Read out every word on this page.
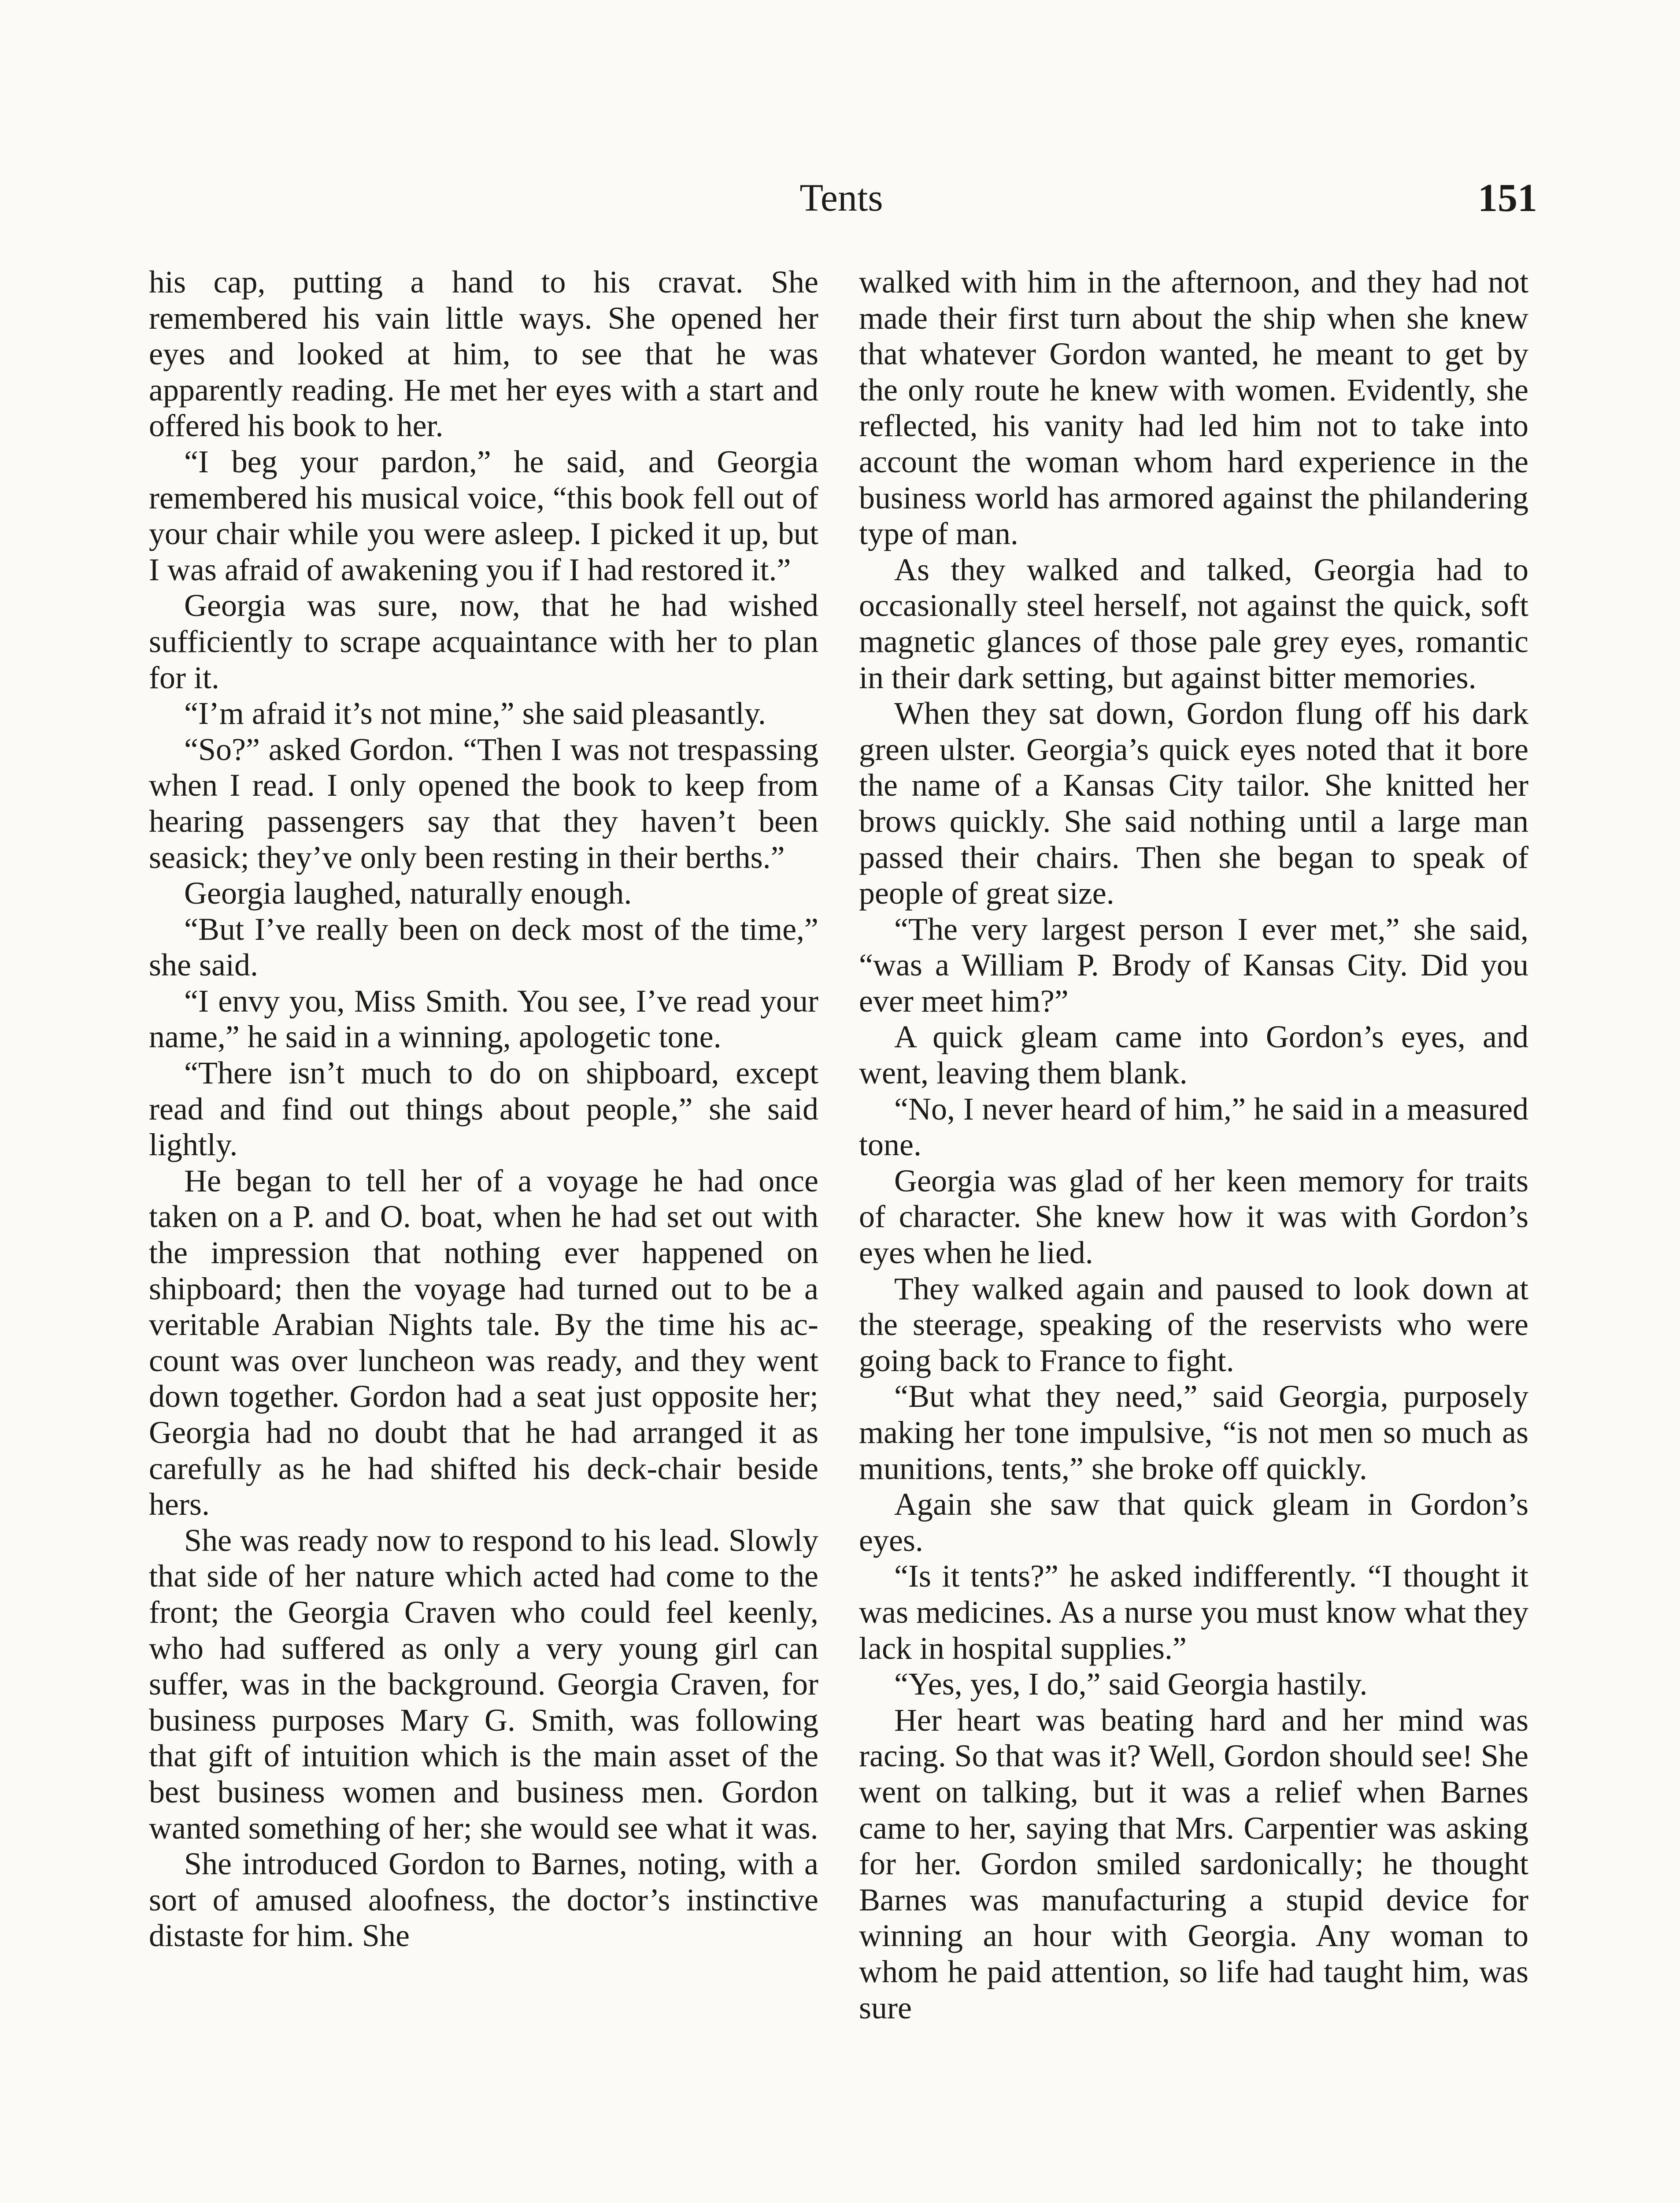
Tents	151

his cap, putting a hand to his cravat. She remembered his vain little ways. She opened her eyes and looked at him, to see that he was apparently reading. He met her eyes with a start and offered his book to her.

“I beg your pardon,” he said, and Georgia remembered his musical voice, “this book fell out of your chair while you were asleep. I picked it up, but I was afraid of awakening you if I had restored it.”

Georgia was sure, now, that he had wished sufficiently to scrape acquaintance with her to plan for it.

“I’m afraid it’s not mine,” she said pleasantly.

“So?” asked Gordon. “Then I was not trespassing when I read. I only opened the book to keep from hearing passengers say that they haven’t been seasick; they’ve only been resting in their berths.”

Georgia laughed, naturally enough.

“But I’ve really been on deck most of the time,” she said.

“I envy you, Miss Smith. You see, I’ve read your name,” he said in a winning, apologetic tone.

“There isn’t much to do on shipboard, except read and find out things about people,” she said lightly.

He began to tell her of a voyage he had once taken on a P. and O. boat, when he had set out with the impression that nothing ever happened on shipboard; then the voyage had turned out to be a veritable Arabian Nights tale. By the time his account was over luncheon was ready, and they went down together. Gordon had a seat just opposite her; Georgia had no doubt that he had arranged it as carefully as he had shifted his deck-chair beside hers.

She was ready now to respond to his lead. Slowly that side of her nature which acted had come to the front; the Georgia Craven who could feel keenly, who had suffered as only a very young girl can suffer, was in the background. Georgia Craven, for business purposes Mary G. Smith, was following that gift of intuition which is the main asset of the best business women and business men. Gordon wanted something of her; she would see what it was.

She introduced Gordon to Barnes, noting, with a sort of amused aloofness, the doctor’s instinctive distaste for him. She

walked with him in the afternoon, and they had not made their first turn about the ship when she knew that whatever Gordon wanted, he meant to get by the only route he knew with women. Evidently, she reflected, his vanity had led him not to take into account the woman whom hard experience in the business world has armored against the philandering type of man.

As they walked and talked, Georgia had to occasionally steel herself, not against the quick, soft magnetic glances of those pale grey eyes, romantic in their dark setting, but against bitter memories.

When they sat down, Gordon flung off his dark green ulster. Georgia’s quick eyes noted that it bore the name of a Kansas City tailor. She knitted her brows quickly. She said nothing until a large man passed their chairs. Then she began to speak of people of great size.

“The very largest person I ever met,” she said, “was a William P. Brody of Kansas City. Did you ever meet him?”

A quick gleam came into Gordon’s eyes, and went, leaving them blank.

“No, I never heard of him,” he said in a measured tone.

Georgia was glad of her keen memory for traits of character. She knew how it was with Gordon’s eyes when he lied.

They walked again and paused to look down at the steerage, speaking of the reservists who were going back to France to fight.

“But what they need,” said Georgia, purposely making her tone impulsive, “is not men so much as munitions, tents,” she broke off quickly.

Again she saw that quick gleam in Gordon’s eyes.

“Is it tents?” he asked indifferently. “I thought it was medicines. As a nurse you must know what they lack in hospital supplies.”

“Yes, yes, I do,” said Georgia hastily.

Her heart was beating hard and her mind was racing. So that was it? Well, Gordon should see! She went on talking, but it was a relief when Barnes came to her, saying that Mrs. Carpentier was asking for her. Gordon smiled sardonically; he thought Barnes was manufacturing a stupid device for winning an hour with Georgia. Any woman to whom he paid attention, so life had taught him, was sure
